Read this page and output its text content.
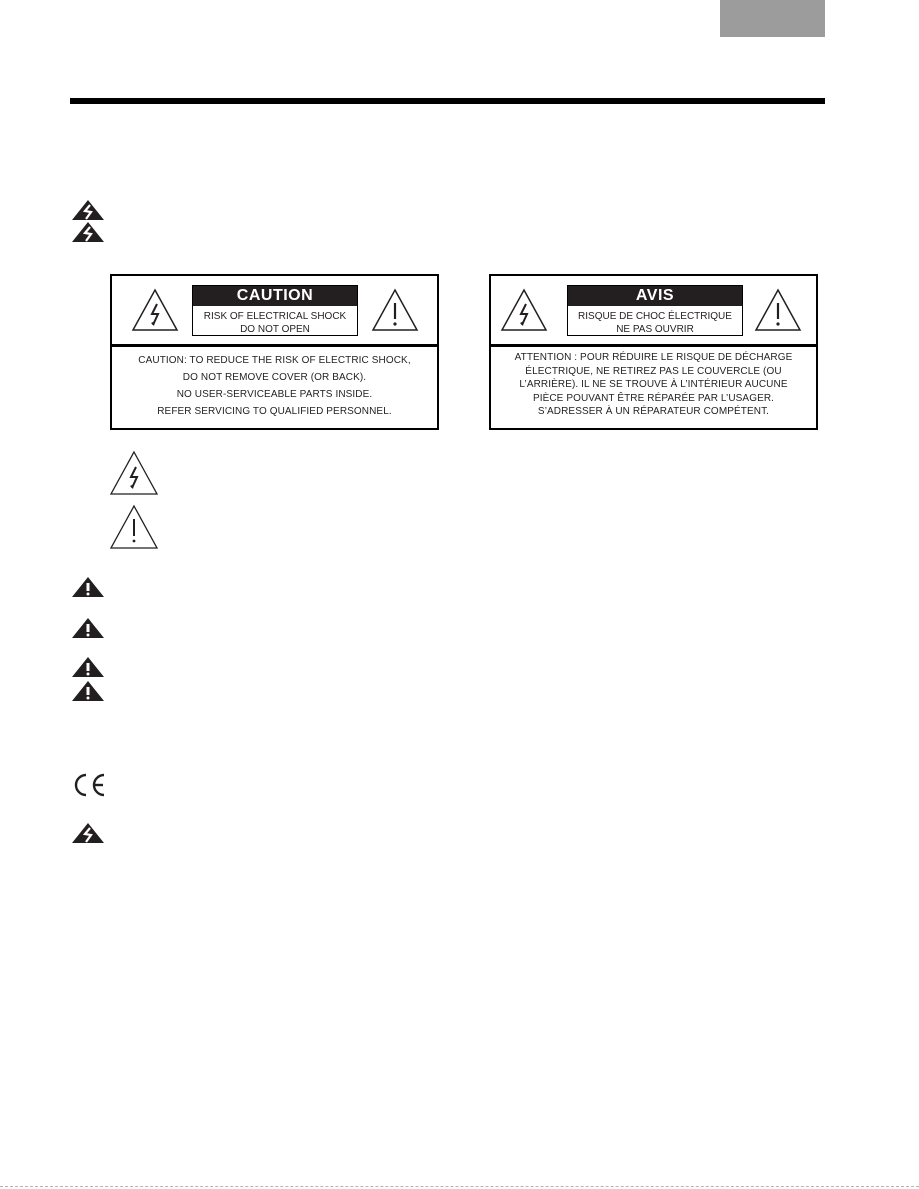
CAUTION
RISK OF ELECTRICAL SHOCK
DO NOT OPEN
CAUTION: TO REDUCE THE RISK OF ELECTRIC SHOCK,
DO NOT REMOVE COVER (OR BACK).
NO USER-SERVICEABLE PARTS INSIDE.
REFER SERVICING TO QUALIFIED PERSONNEL.
AVIS
RISQUE DE CHOC ÉLECTRIQUE
NE PAS OUVRIR
ATTENTION : POUR RÉDUIRE LE RISQUE DE DÉCHARGE
ÉLECTRIQUE, NE RETIREZ PAS LE COUVERCLE (OU
L’ARRIÈRE). IL NE SE TROUVE À L’INTÉRIEUR AUCUNE
PIÈCE POUVANT ÊTRE RÉPARÉE PAR L’USAGER.
S’ADRESSER À UN RÉPARATEUR COMPÉTENT.
